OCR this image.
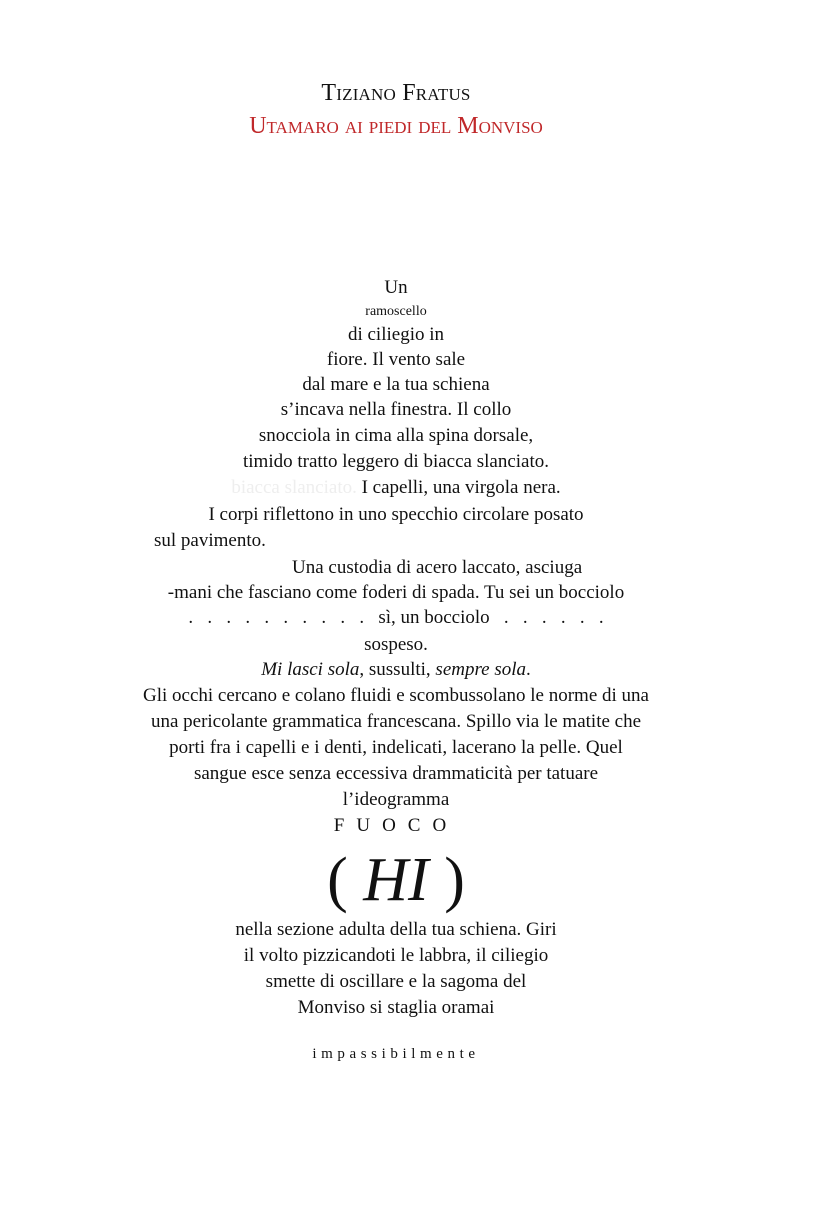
Tiziano Fratus
Utamaro ai piedi del Monviso
Un
ramoscello
di ciliegio in
fiore. Il vento sale
dal mare e la tua schiena
s’incava nella finestra. Il collo
snocciola in cima alla spina dorsale,
timido tratto leggero di biacca slanciato.
biacca slanciato. I capelli, una virgola nera.
I corpi riflettono in uno specchio circolare posato
sul pavimento.
Una custodia di acero laccato, asciuga
-mani che fasciano come foderi di spada. Tu sei un bocciolo
.   .   .   .   .   .   .   .   .   . sì, un bocciolo .   .   .   .   .   .
sospeso.
Mi lasci sola, sussulti, sempre sola.
Gli occhi cercano e colano fluidi e scombussolano le norme di una
una pericolante grammatica francescana. Spillo via le matite che
porti fra i capelli e i denti, indelicati, lacerano la pelle. Quel
sangue esce senza eccessiva drammaticità per tatuare
l’ideogramma
FUOCO
( HI )
nella sezione adulta della tua schiena. Giri
il volto pizzicandoti le labbra, il ciliegio
smette di oscillare e la sagoma del
Monviso si staglia oramai
impassibilmente
